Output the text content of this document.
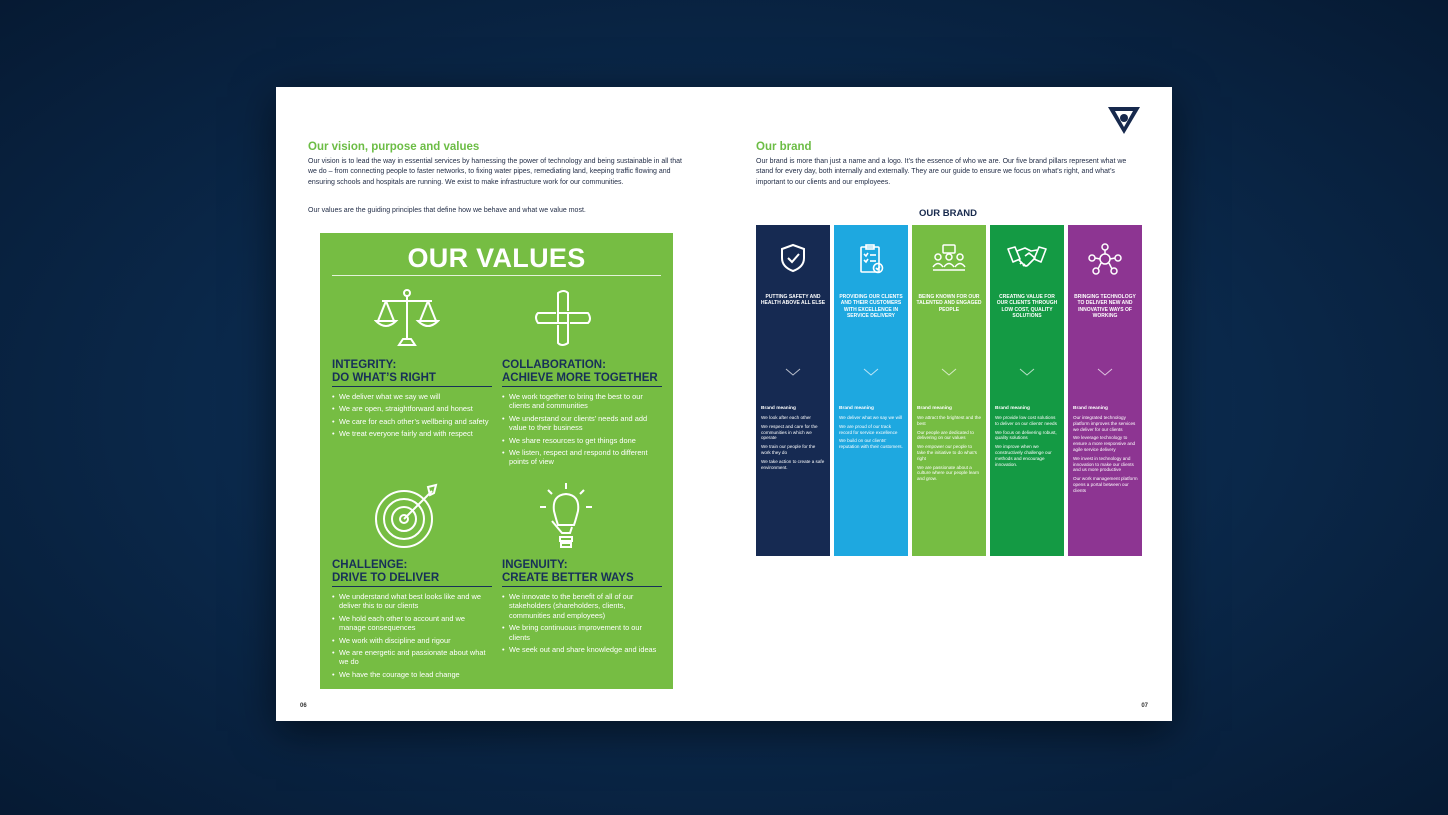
Our vision, purpose and values

Our vision is to lead the way in essential services by harnessing the power of technology and being sustainable in all that we do – from connecting people to faster networks, to fixing water pipes, remediating land, keeping traffic flowing and ensuring schools and hospitals are running. We exist to make infrastructure work for our communities.

Our values are the guiding principles that define how we behave and what we value most.

OUR VALUES
INTEGRITY:
DO WHAT’S RIGHT
• We deliver what we say we will
• We are open, straightforward and honest
• We care for each other’s wellbeing and safety
• We treat everyone fairly and with respect
COLLABORATION:
ACHIEVE MORE TOGETHER
• We work together to bring the best to our clients and communities
• We understand our clients’ needs and add value to their business
• We share resources to get things done
• We listen, respect and respond to different points of view
CHALLENGE:
DRIVE TO DELIVER
• We understand what best looks like and we deliver this to our clients
• We hold each other to account and we manage consequences
• We work with discipline and rigour
• We are energetic and passionate about what we do
• We have the courage to lead change
INGENUITY:
CREATE BETTER WAYS
• We innovate to the benefit of all of our stakeholders (shareholders, clients, communities and employees)
• We bring continuous improvement to our clients
• We seek out and share knowledge and ideas
06
Our brand

Our brand is more than just a name and a logo. It’s the essence of who we are. Our five brand pillars represent what we stand for every day, both internally and externally. They are our guide to ensure we focus on what’s right, and what’s important to our clients and our employees.

OUR BRAND

PUTTING SAFETY AND HEALTH ABOVE ALL ELSE

Brand meaning

We look after each other
We respect and care for the communities in which we operate
We train our people for the work they do
We take action to create a safe environment.

PROVIDING OUR CLIENTS AND THEIR CUSTOMERS WITH EXCELLENCE IN SERVICE DELIVERY

Brand meaning

We deliver what we say we will
We are proud of our track record for service excellence
We build on our clients’ reputation with their customers.

BEING KNOWN FOR OUR TALENTED AND ENGAGED PEOPLE

Brand meaning

We attract the brightest and the best
Our people are dedicated to delivering on our values
We empower our people to take the initiative to do what’s right
We are passionate about a culture where our people learn and grow.

CREATING VALUE FOR OUR CLIENTS THROUGH LOW COST, QUALITY SOLUTIONS

Brand meaning

We provide low cost solutions to deliver on our clients’ needs
We focus on delivering robust, quality solutions
We improve when we constructively challenge our methods and encourage innovation.

BRINGING TECHNOLOGY TO DELIVER NEW AND INNOVATIVE WAYS OF WORKING

Brand meaning

Our integrated technology platform improves the services we deliver for our clients
We leverage technology to ensure a more responsive and agile service delivery
We invest in technology and innovation to make our clients and us more productive
Our work management platform opens a portal between our clients
07
